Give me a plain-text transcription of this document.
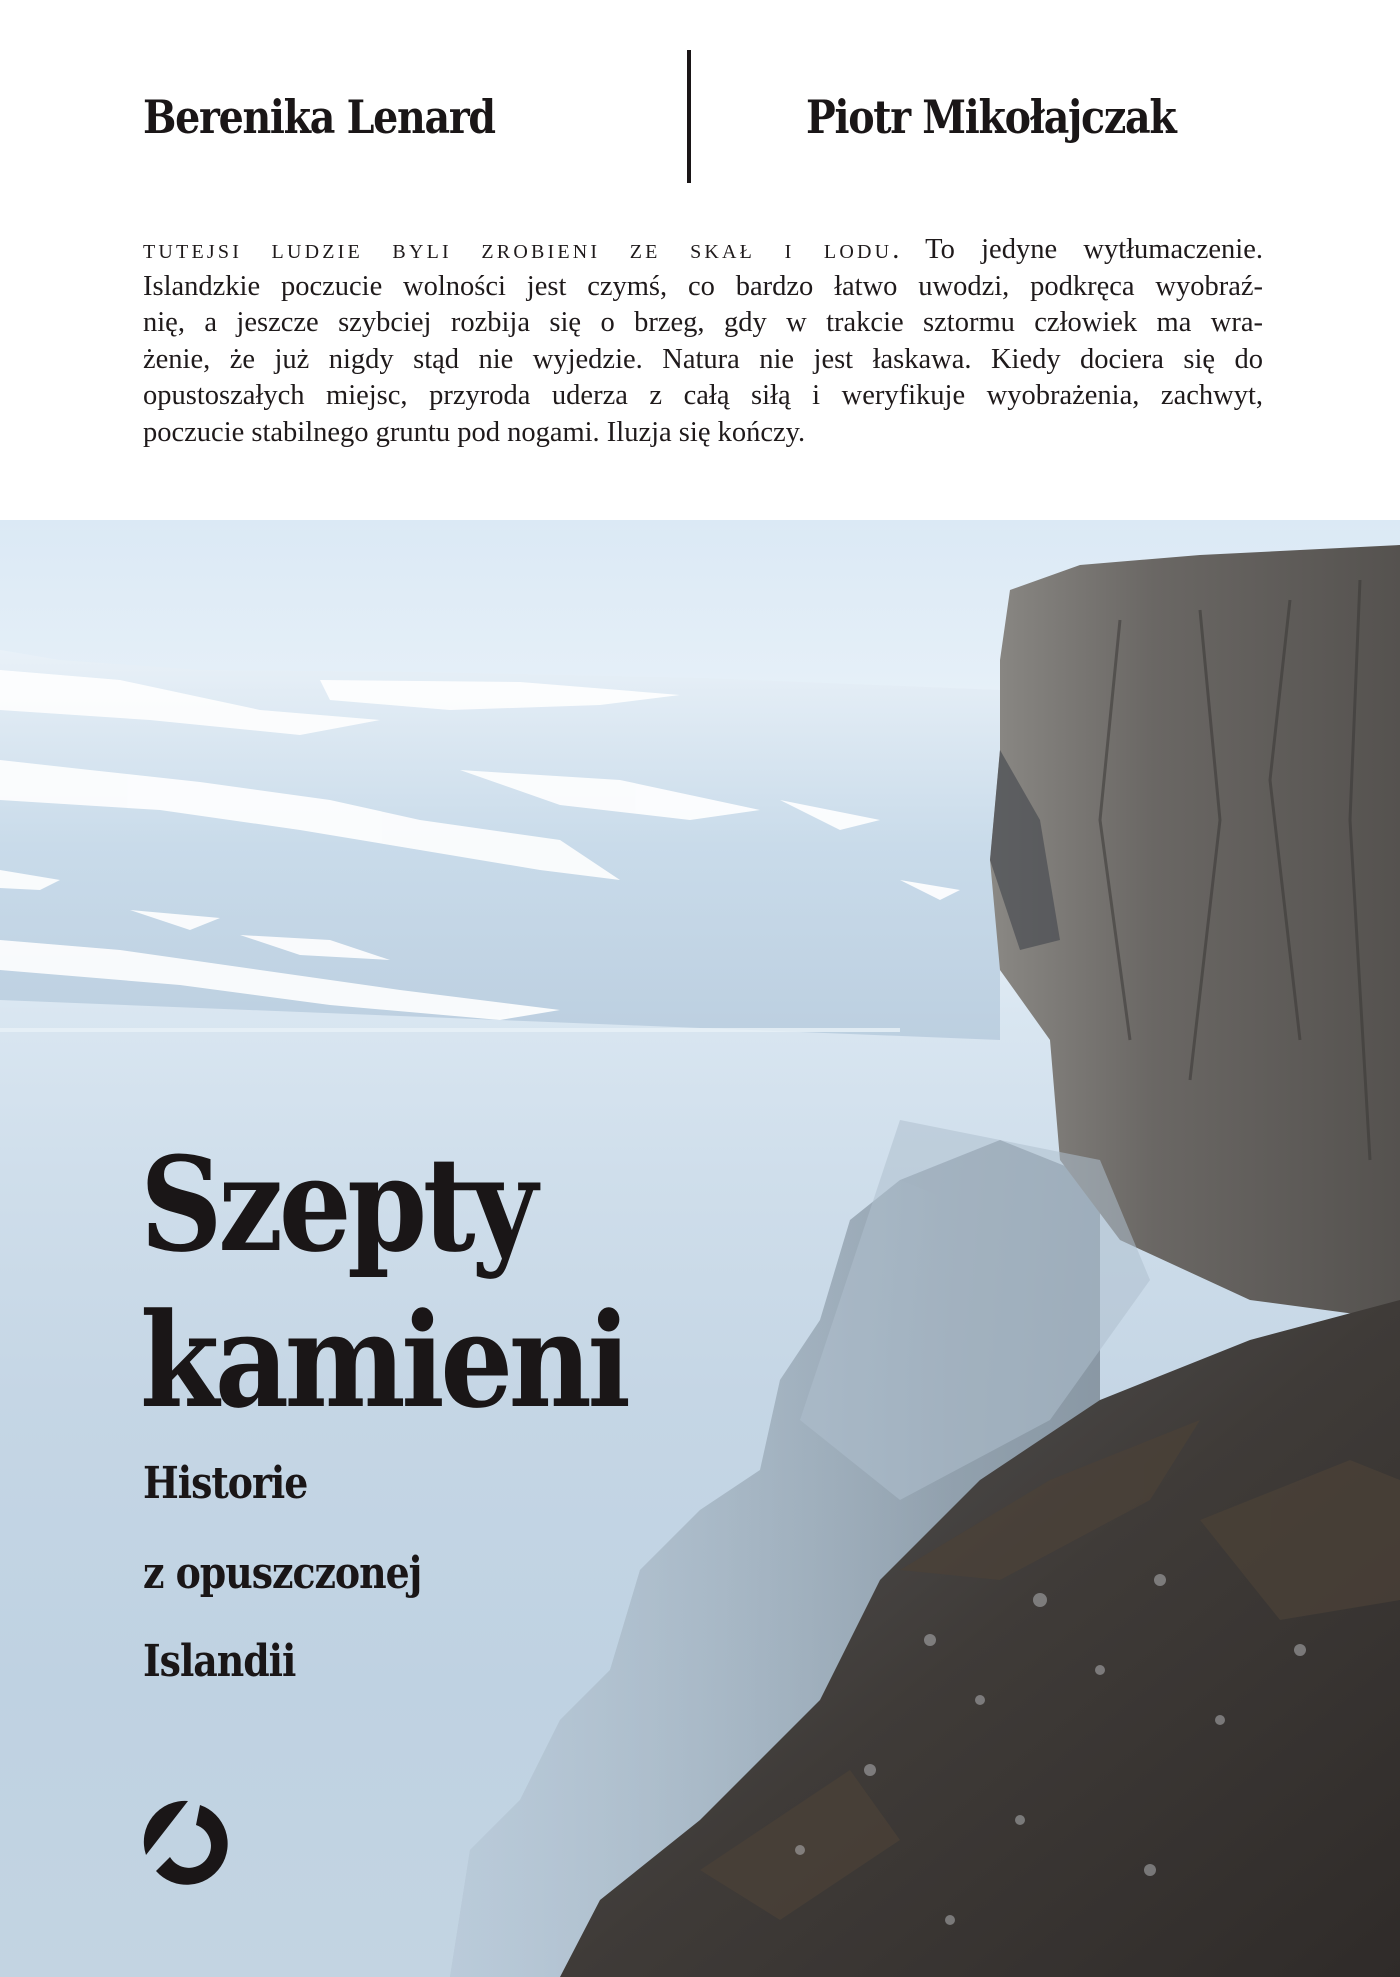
Berenika Lenard	Piotr Mikołajczak
tutejsi ludzie byli zrobieni ze skał i lodu. To jedyne wytłumaczenie.
Islandzkie poczucie wolności jest czymś, co bardzo łatwo uwodzi, podkręca wyobraź-
nię, a jeszcze szybciej rozbija się o brzeg, gdy w trakcie sztormu człowiek ma wra-
żenie, że już nigdy stąd nie wyjedzie. Natura nie jest łaskawa. Kiedy dociera się do
opustoszałych miejsc, przyroda uderza z całą siłą i weryfikuje wyobrażenia, zachwyt,
poczucie stabilnego gruntu pod nogami. Iluzja się kończy.
Szepty
kamieni
Historie
z opuszczonej
Islandii
